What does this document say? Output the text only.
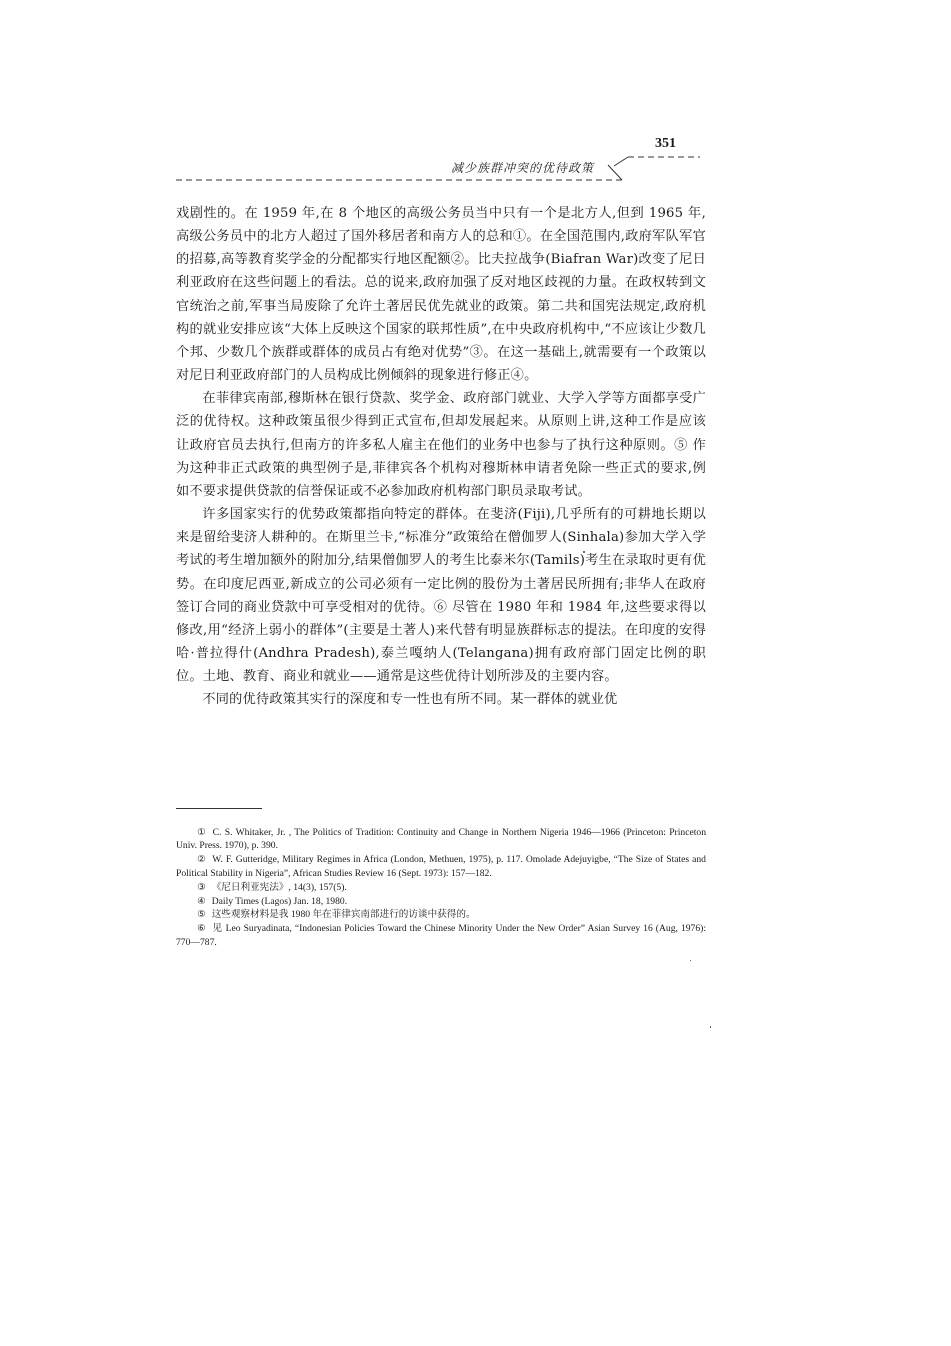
351
减少族群冲突的优待政策

戏剧性的。在 1959 年,在 8 个地区的高级公务员当中只有一个是北方人,但到 1965 年,高级公务员中的北方人超过了国外移居者和南方人的总和①。在全国范围内,政府军队军官的招募,高等教育奖学金的分配都实行地区配额②。比夫拉战争(Biafran War)改变了尼日利亚政府在这些问题上的看法。总的说来,政府加强了反对地区歧视的力量。在政权转到文官统治之前,军事当局废除了允许土著居民优先就业的政策。第二共和国宪法规定,政府机构的就业安排应该“大体上反映这个国家的联邦性质”,在中央政府机构中,“不应该让少数几个邦、少数几个族群或群体的成员占有绝对优势”③。在这一基础上,就需要有一个政策以对尼日利亚政府部门的人员构成比例倾斜的现象进行修正④。

在菲律宾南部,穆斯林在银行贷款、奖学金、政府部门就业、大学入学等方面都享受广泛的优待权。这种政策虽很少得到正式宣布,但却发展起来。从原则上讲,这种工作是应该让政府官员去执行,但南方的许多私人雇主在他们的业务中也参与了执行这种原则。⑤ 作为这种非正式政策的典型例子是,菲律宾各个机构对穆斯林申请者免除一些正式的要求,例如不要求提供贷款的信誉保证或不必参加政府机构部门职员录取考试。

许多国家实行的优势政策都指向特定的群体。在斐济(Fiji),几乎所有的可耕地长期以来是留给斐济人耕种的。在斯里兰卡,“标准分”政策给在僧伽罗人(Sinhala)参加大学入学考试的考生增加额外的附加分,结果僧伽罗人的考生比泰米尔(Tamils)考生在录取时更有优势。在印度尼西亚,新成立的公司必须有一定比例的股份为土著居民所拥有;非华人在政府签订合同的商业贷款中可享受相对的优待。⑥ 尽管在 1980 年和 1984 年,这些要求得以修改,用“经济上弱小的群体”(主要是土著人)来代替有明显族群标志的提法。在印度的安得哈·普拉得什(Andhra Pradesh),泰兰嘎纳人(Telangana)拥有政府部门固定比例的职位。土地、教育、商业和就业——通常是这些优待计划所涉及的主要内容。

不同的优待政策其实行的深度和专一性也有所不同。某一群体的就业优

① C. S. Whitaker, Jr. , The Politics of Tradition: Continuity and Change in Northern Nigeria 1946—1966 (Princeton: Princeton Univ. Press. 1970), p. 390.
② W. F. Gutteridge, Military Regimes in Africa (London, Methuen, 1975), p. 117. Omolade Adejuyigbe, “The Size of States and Political Stability in Nigeria”, African Studies Review 16 (Sept. 1973): 157—182.
③ 《尼日利亚宪法》, 14(3), 157(5).
④ Daily Times (Lagos) Jan. 18, 1980.
⑤ 这些观察材料是我 1980 年在菲律宾南部进行的访谈中获得的。
⑥ 见 Leo Suryadinata, “Indonesian Policies Toward the Chinese Minority Under the New Order” Asian Survey 16 (Aug, 1976): 770—787.
